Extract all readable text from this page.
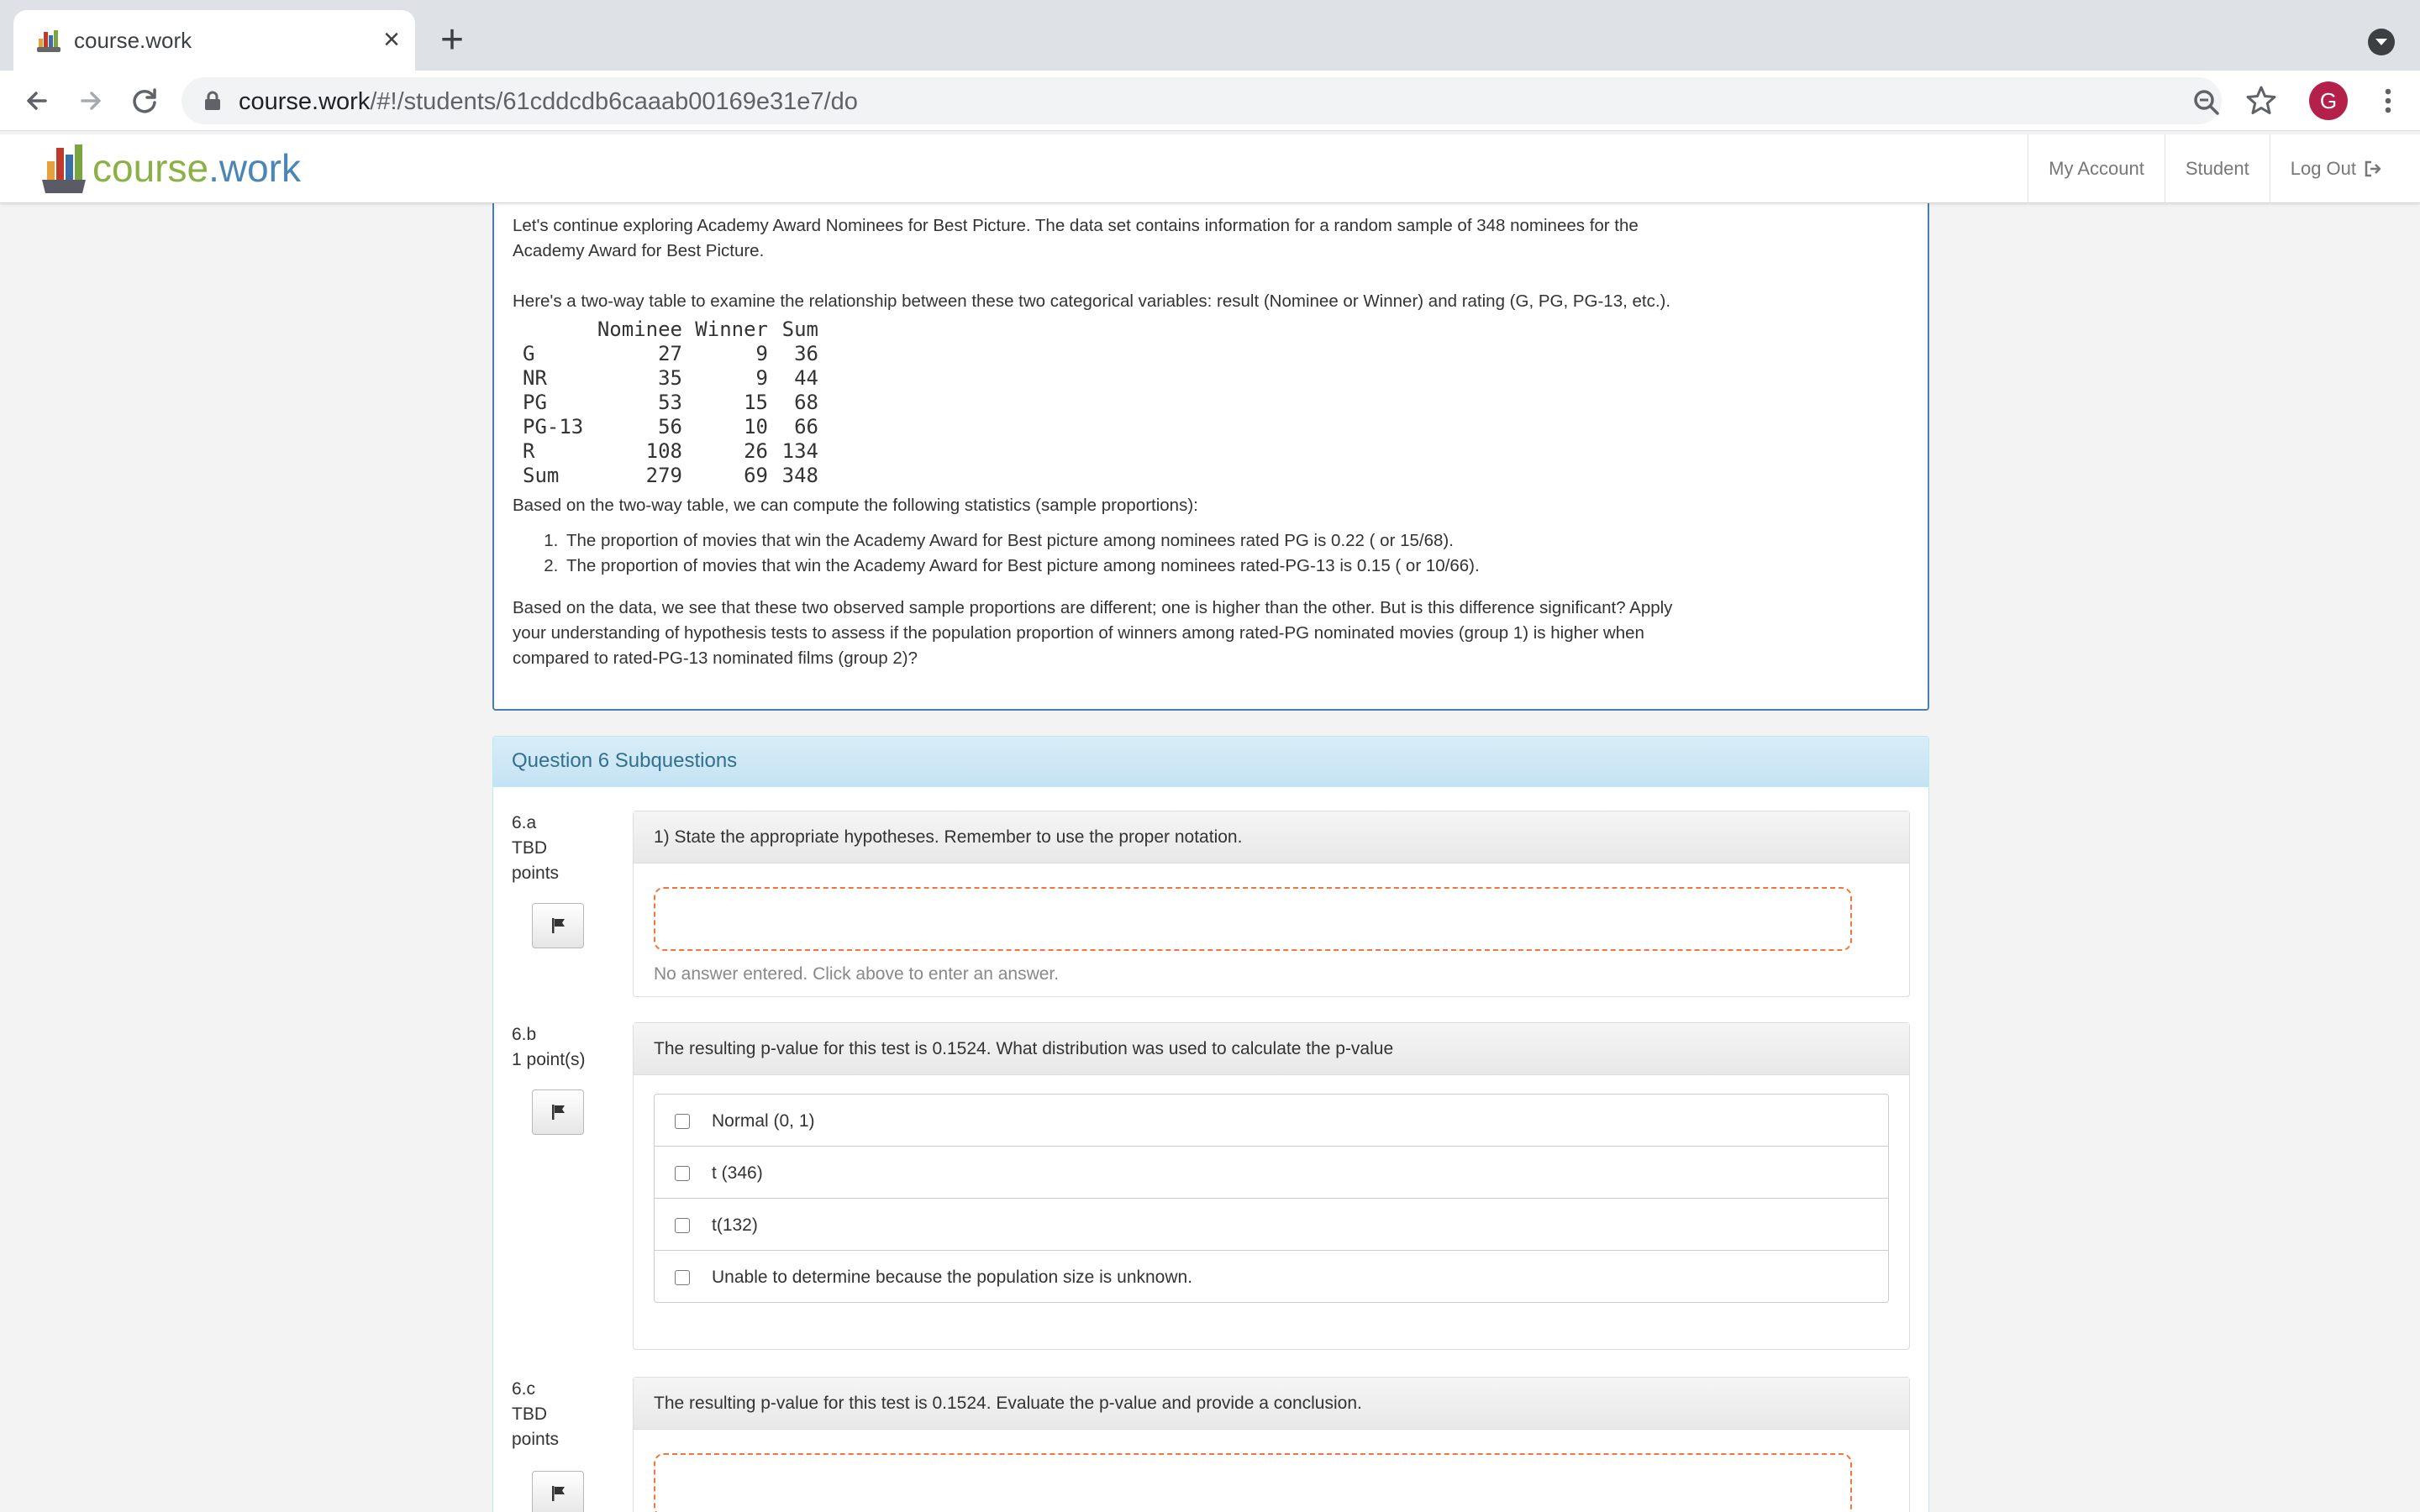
course.work	× +
course.work/#!/students/61cddcdb6caaab00169e31e7/do	G
course.work	My Account	Student	Log Out

Let's continue exploring Academy Award Nominees for Best Picture. The data set contains information for a random sample of 348 nominees for the Academy Award for Best Picture.

Here's a two-way table to examine the relationship between these two categorical variables: result (Nominee or Winner) and rating (G, PG, PG-13, etc.).

Nominee Winner Sum
G	27	9	36
NR	35	9	44
PG	53	15	68
PG-13	56	10	66
R	108	26 134
Sum	279	69 348

Based on the two-way table, we can compute the following statistics (sample proportions):

1. The proportion of movies that win the Academy Award for Best picture among nominees rated PG is 0.22 ( or 15/68).
2. The proportion of movies that win the Academy Award for Best picture among nominees rated-PG-13 is 0.15 ( or 10/66).

Based on the data, we see that these two observed sample proportions are different; one is higher than the other. But is this difference significant? Apply your understanding of hypothesis tests to assess if the population proportion of winners among rated-PG nominated movies (group 1) is higher when compared to rated-PG-13 nominated films (group 2)?

Question 6 Subquestions
6.a
TBD
points
1) State the appropriate hypotheses. Remember to use the proper notation.
No answer entered. Click above to enter an answer.
6.b
1 point(s)
The resulting p-value for this test is 0.1524. What distribution was used to calculate the p-value
Normal (0, 1)
t (346)
t(132)
Unable to determine because the population size is unknown.
6.c
TBD
points
The resulting p-value for this test is 0.1524. Evaluate the p-value and provide a conclusion.
